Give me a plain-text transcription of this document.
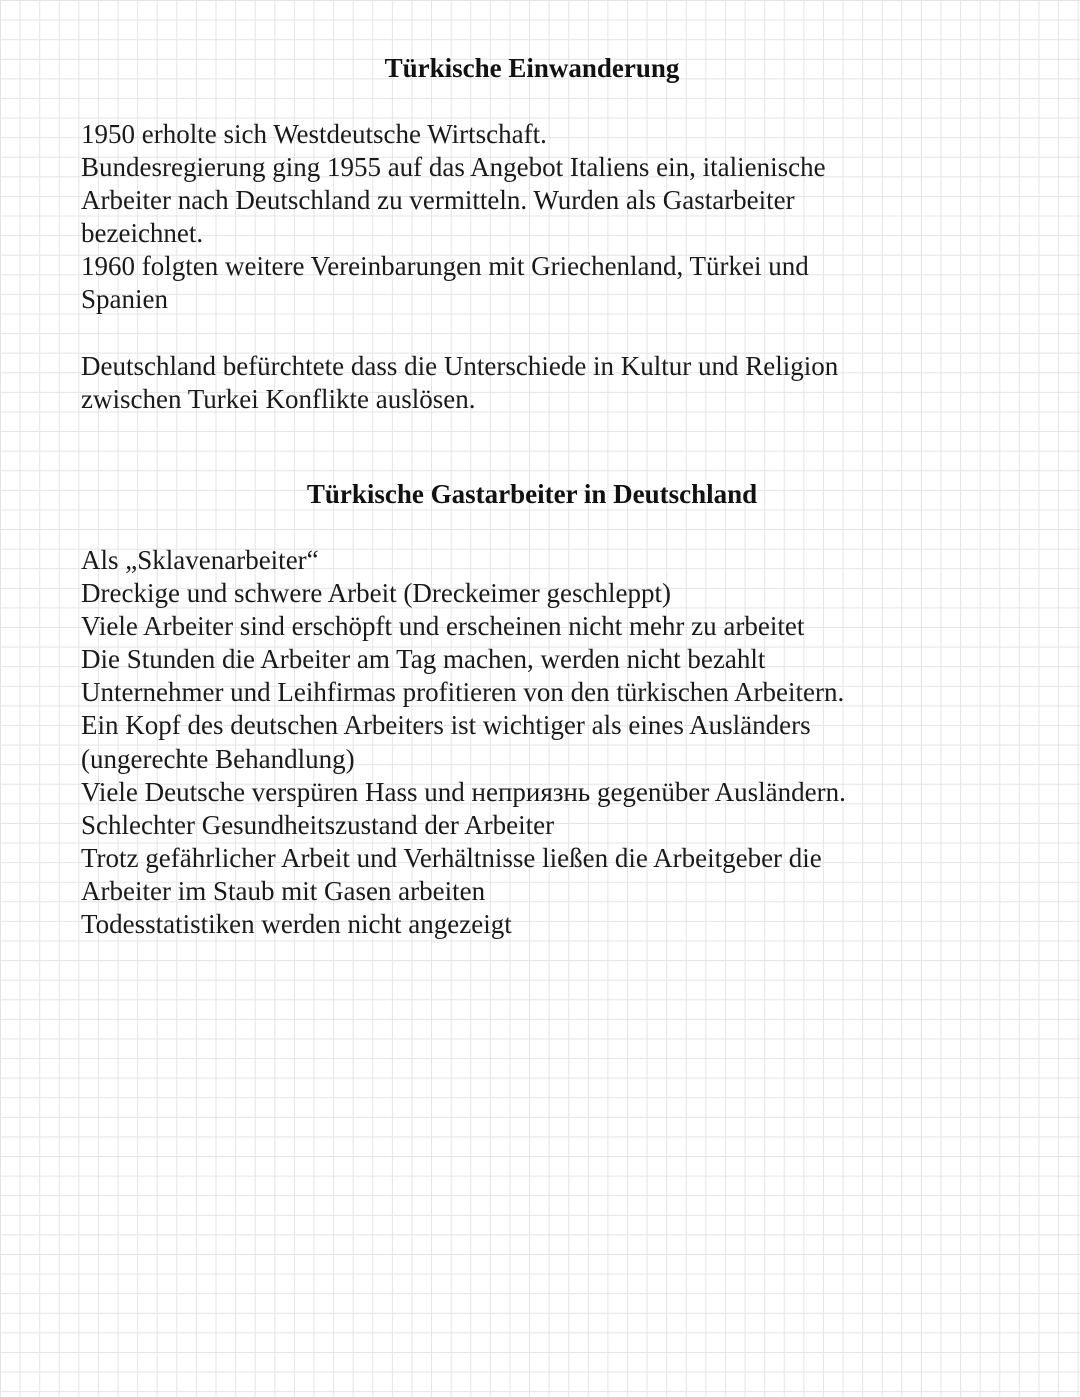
Türkische Einwanderung
1950 erholte sich Westdeutsche Wirtschaft.
Bundesregierung ging 1955 auf das Angebot Italiens ein, italienische
Arbeiter nach Deutschland zu vermitteln. Wurden als Gastarbeiter
bezeichnet.
1960 folgten weitere Vereinbarungen mit Griechenland, Türkei und
Spanien
Deutschland befürchtete dass die Unterschiede in Kultur und Religion
zwischen Turkei Konflikte auslösen.
Türkische Gastarbeiter in Deutschland
Als „Sklavenarbeiter“
Dreckige und schwere Arbeit (Dreckeimer geschleppt)
Viele Arbeiter sind erschöpft und erscheinen nicht mehr zu arbeitet
Die Stunden die Arbeiter am Tag machen, werden nicht bezahlt
Unternehmer und Leihfirmas profitieren von den türkischen Arbeitern.
Ein Kopf des deutschen Arbeiters ist wichtiger als eines Ausländers
(ungerechte Behandlung)
Viele Deutsche verspüren Hass und неприязнь gegenüber Ausländern.
Schlechter Gesundheitszustand der Arbeiter
Trotz gefährlicher Arbeit und Verhältnisse ließen die Arbeitgeber die
Arbeiter im Staub mit Gasen arbeiten
Todesstatistiken werden nicht angezeigt
